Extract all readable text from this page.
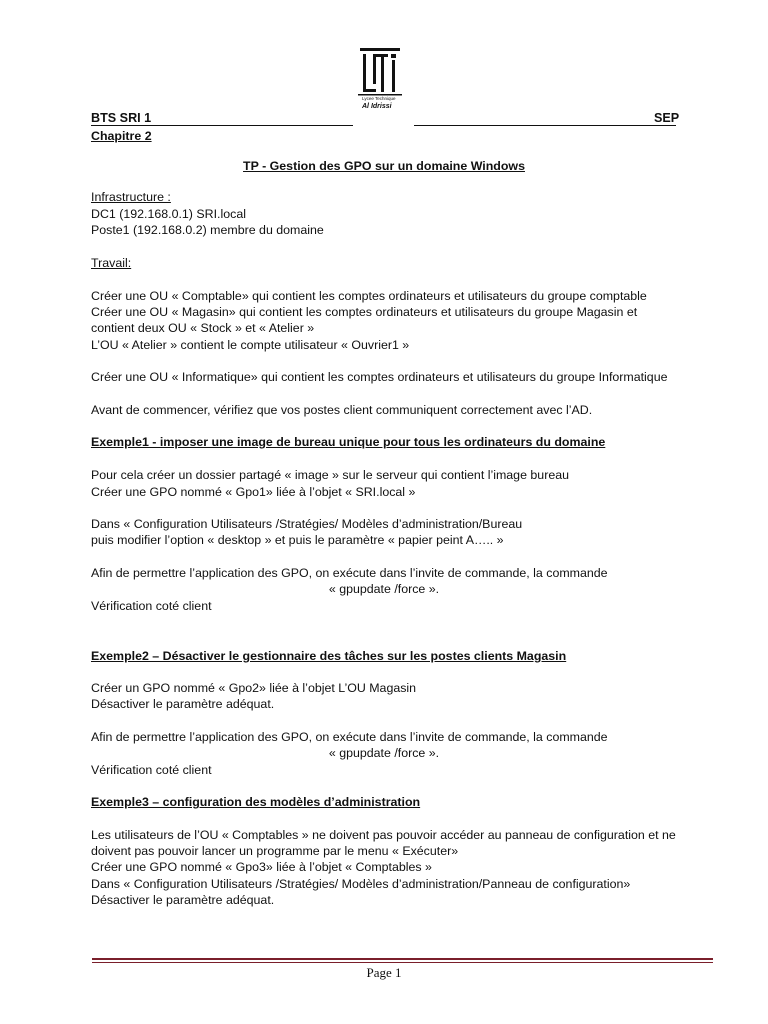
Lycee Technique
Al Idrissi
BTS SRI 1	SEP
Chapitre 2
TP - Gestion des GPO sur un domaine Windows
Infrastructure :
DC1 (192.168.0.1) SRI.local
Poste1 (192.168.0.2) membre du domaine
Travail:
Créer une OU « Comptable» qui contient les comptes ordinateurs et utilisateurs du groupe comptable
Créer une OU « Magasin» qui contient les comptes ordinateurs et utilisateurs du groupe Magasin et
contient deux OU « Stock » et « Atelier »
L’OU « Atelier » contient le compte utilisateur « Ouvrier1 »
Créer une OU « Informatique» qui contient les comptes ordinateurs et utilisateurs du groupe Informatique
Avant de commencer, vérifiez que vos postes client communiquent correctement avec l’AD.
Exemple1 - imposer une image de bureau unique pour tous les ordinateurs du domaine
Pour cela créer un dossier partagé « image » sur le serveur qui contient l’image bureau
Créer une GPO nommé « Gpo1» liée à l’objet « SRI.local »
Dans « Configuration Utilisateurs /Stratégies/ Modèles d’administration/Bureau
puis modifier l’option « desktop » et puis le paramètre « papier peint A….. »
Afin de permettre l’application des GPO, on exécute dans l’invite de commande, la commande
« gpupdate /force ».
Vérification coté client
Exemple2 – Désactiver le gestionnaire des tâches sur les postes clients Magasin
Créer un GPO nommé « Gpo2» liée à l’objet L’OU Magasin
Désactiver le paramètre adéquat.
Afin de permettre l’application des GPO, on exécute dans l’invite de commande, la commande
« gpupdate /force ».
Vérification coté client
Exemple3 – configuration des modèles d’administration
Les utilisateurs de l’OU « Comptables » ne doivent pas pouvoir accéder au panneau de configuration et ne
doivent pas pouvoir lancer un programme par le menu « Exécuter»
Créer une GPO nommé « Gpo3» liée à l’objet « Comptables »
Dans « Configuration Utilisateurs /Stratégies/ Modèles d’administration/Panneau de configuration»
Désactiver le paramètre adéquat.
Page 1
